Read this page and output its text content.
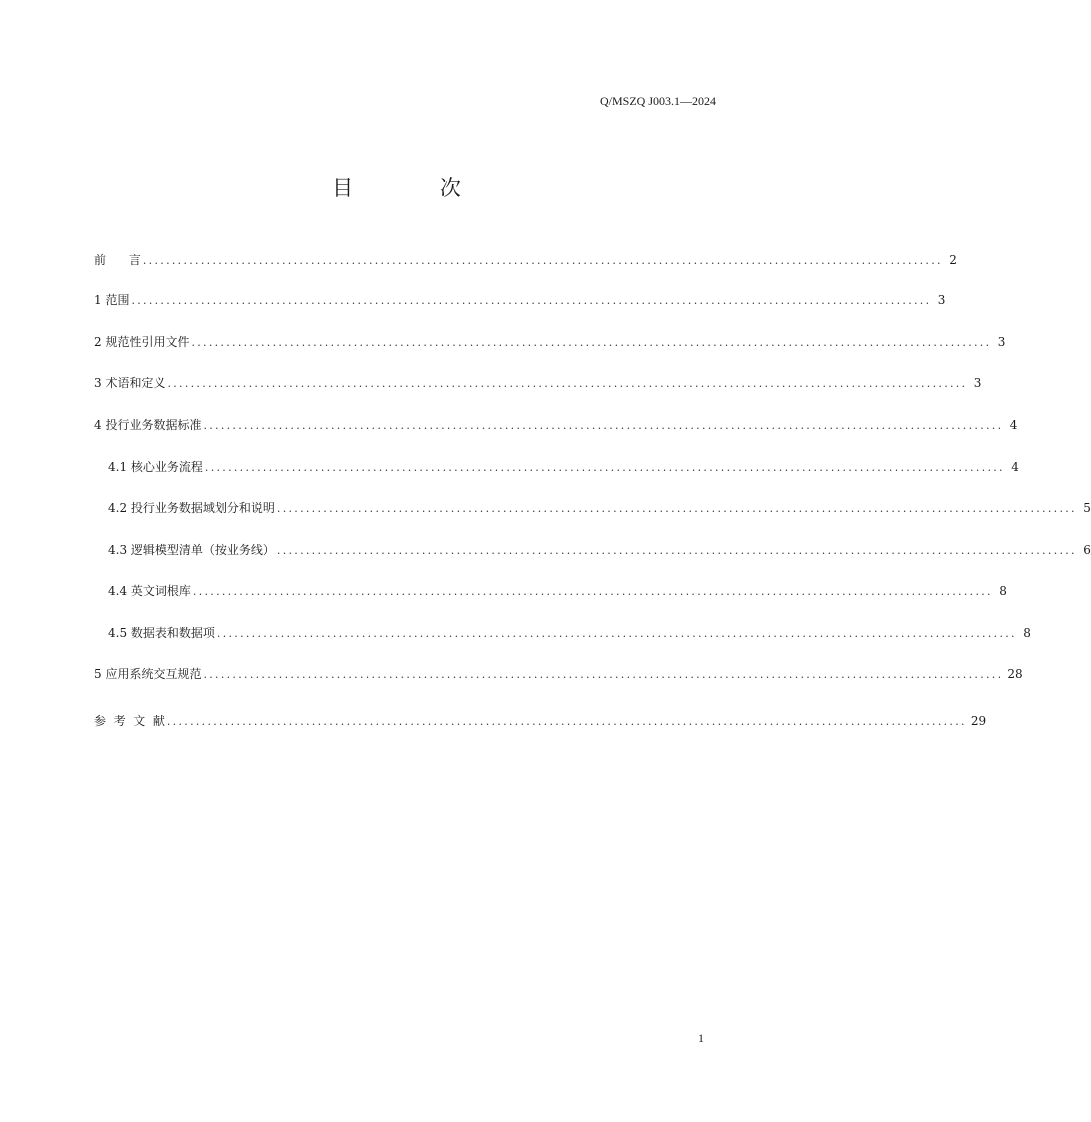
Q/MSZQ J003.1—2024
目 次
前      言 .......................................................................................................................................... 2
1 范围 .......................................................................................................................................... 3
2 规范性引用文件 .......................................................................................................................................... 3
3 术语和定义 .......................................................................................................................................... 3
4 投行业务数据标准 .......................................................................................................................................... 4
4.1 核心业务流程 .......................................................................................................................................... 4
4.2 投行业务数据域划分和说明 .......................................................................................................................................... 5
4.3 逻辑模型清单（按业务线） .......................................................................................................................................... 6
4.4 英文词根库 .......................................................................................................................................... 8
4.5 数据表和数据项 .......................................................................................................................................... 8
5 应用系统交互规范 .......................................................................................................................................... 28
参  考  文  献 .......................................................................................................................................... 29
1
